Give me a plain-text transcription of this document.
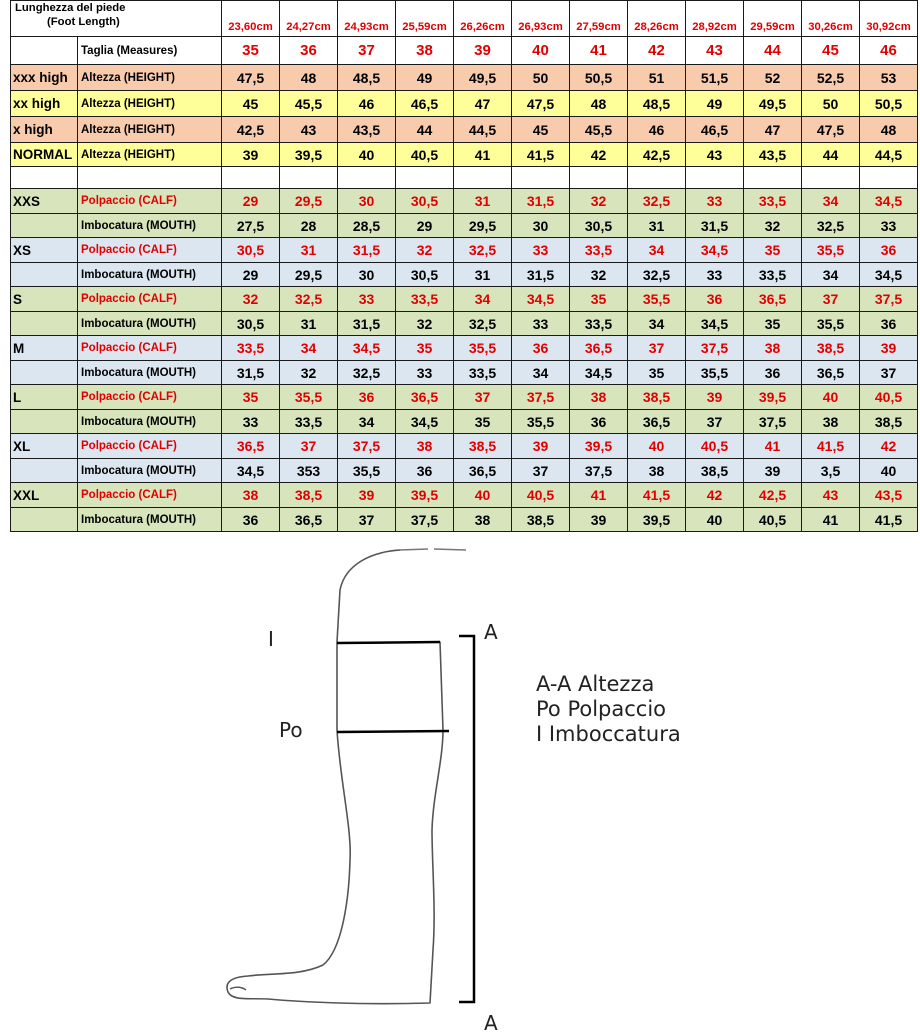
Lunghezza del piede
(Foot Length)		23,60cm	24,27cm	24,93cm	25,59cm	26,26cm	26,93cm	27,59cm	28,26cm	28,92cm	29,59cm	30,26cm	30,92cm
	Taglia (Measures)	35	36	37	38	39	40	41	42	43	44	45	46
xxx high	Altezza (HEIGHT)	47,5	48	48,5	49	49,5	50	50,5	51	51,5	52	52,5	53
xx high	Altezza (HEIGHT)	45	45,5	46	46,5	47	47,5	48	48,5	49	49,5	50	50,5
x high	Altezza (HEIGHT)	42,5	43	43,5	44	44,5	45	45,5	46	46,5	47	47,5	48
NORMAL	Altezza (HEIGHT)	39	39,5	40	40,5	41	41,5	42	42,5	43	43,5	44	44,5

XXS	Polpaccio (CALF)	29	29,5	30	30,5	31	31,5	32	32,5	33	33,5	34	34,5
	Imbocatura (MOUTH)	27,5	28	28,5	29	29,5	30	30,5	31	31,5	32	32,5	33
XS	Polpaccio (CALF)	30,5	31	31,5	32	32,5	33	33,5	34	34,5	35	35,5	36
	Imbocatura (MOUTH)	29	29,5	30	30,5	31	31,5	32	32,5	33	33,5	34	34,5
S	Polpaccio (CALF)	32	32,5	33	33,5	34	34,5	35	35,5	36	36,5	37	37,5
	Imbocatura (MOUTH)	30,5	31	31,5	32	32,5	33	33,5	34	34,5	35	35,5	36
M	Polpaccio (CALF)	33,5	34	34,5	35	35,5	36	36,5	37	37,5	38	38,5	39
	Imbocatura (MOUTH)	31,5	32	32,5	33	33,5	34	34,5	35	35,5	36	36,5	37
L	Polpaccio (CALF)	35	35,5	36	36,5	37	37,5	38	38,5	39	39,5	40	40,5
	Imbocatura (MOUTH)	33	33,5	34	34,5	35	35,5	36	36,5	37	37,5	38	38,5
XL	Polpaccio (CALF)	36,5	37	37,5	38	38,5	39	39,5	40	40,5	41	41,5	42
	Imbocatura (MOUTH)	34,5	353	35,5	36	36,5	37	37,5	38	38,5	39	3,5	40
XXL	Polpaccio (CALF)	38	38,5	39	39,5	40	40,5	41	41,5	42	42,5	43	43,5
	Imbocatura (MOUTH)	36	36,5	37	37,5	38	38,5	39	39,5	40	40,5	41	41,5
I
Po
A
A
A-A Altezza
Po Polpaccio
I Imboccatura
